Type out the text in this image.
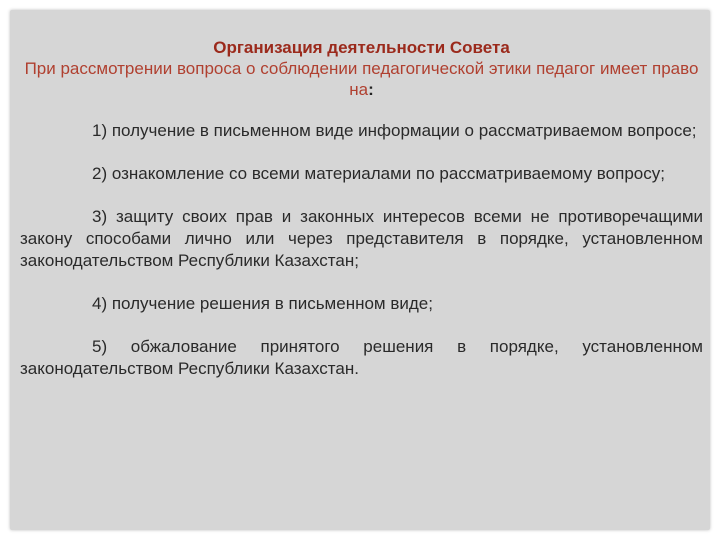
Организация деятельности Совета

При рассмотрении вопроса о соблюдении педагогической этики педагог имеет право на:

1) получение в письменном виде информации о рассматриваемом вопросе;

2) ознакомление со всеми материалами по рассматриваемому вопросу;

3) защиту своих прав и законных интересов всеми не противоречащими закону способами лично или через представителя в порядке, установленном законодательством Республики Казахстан;

4) получение решения в письменном виде;

5) обжалование принятого решения в порядке, установленном законодательством Республики Казахстан.
